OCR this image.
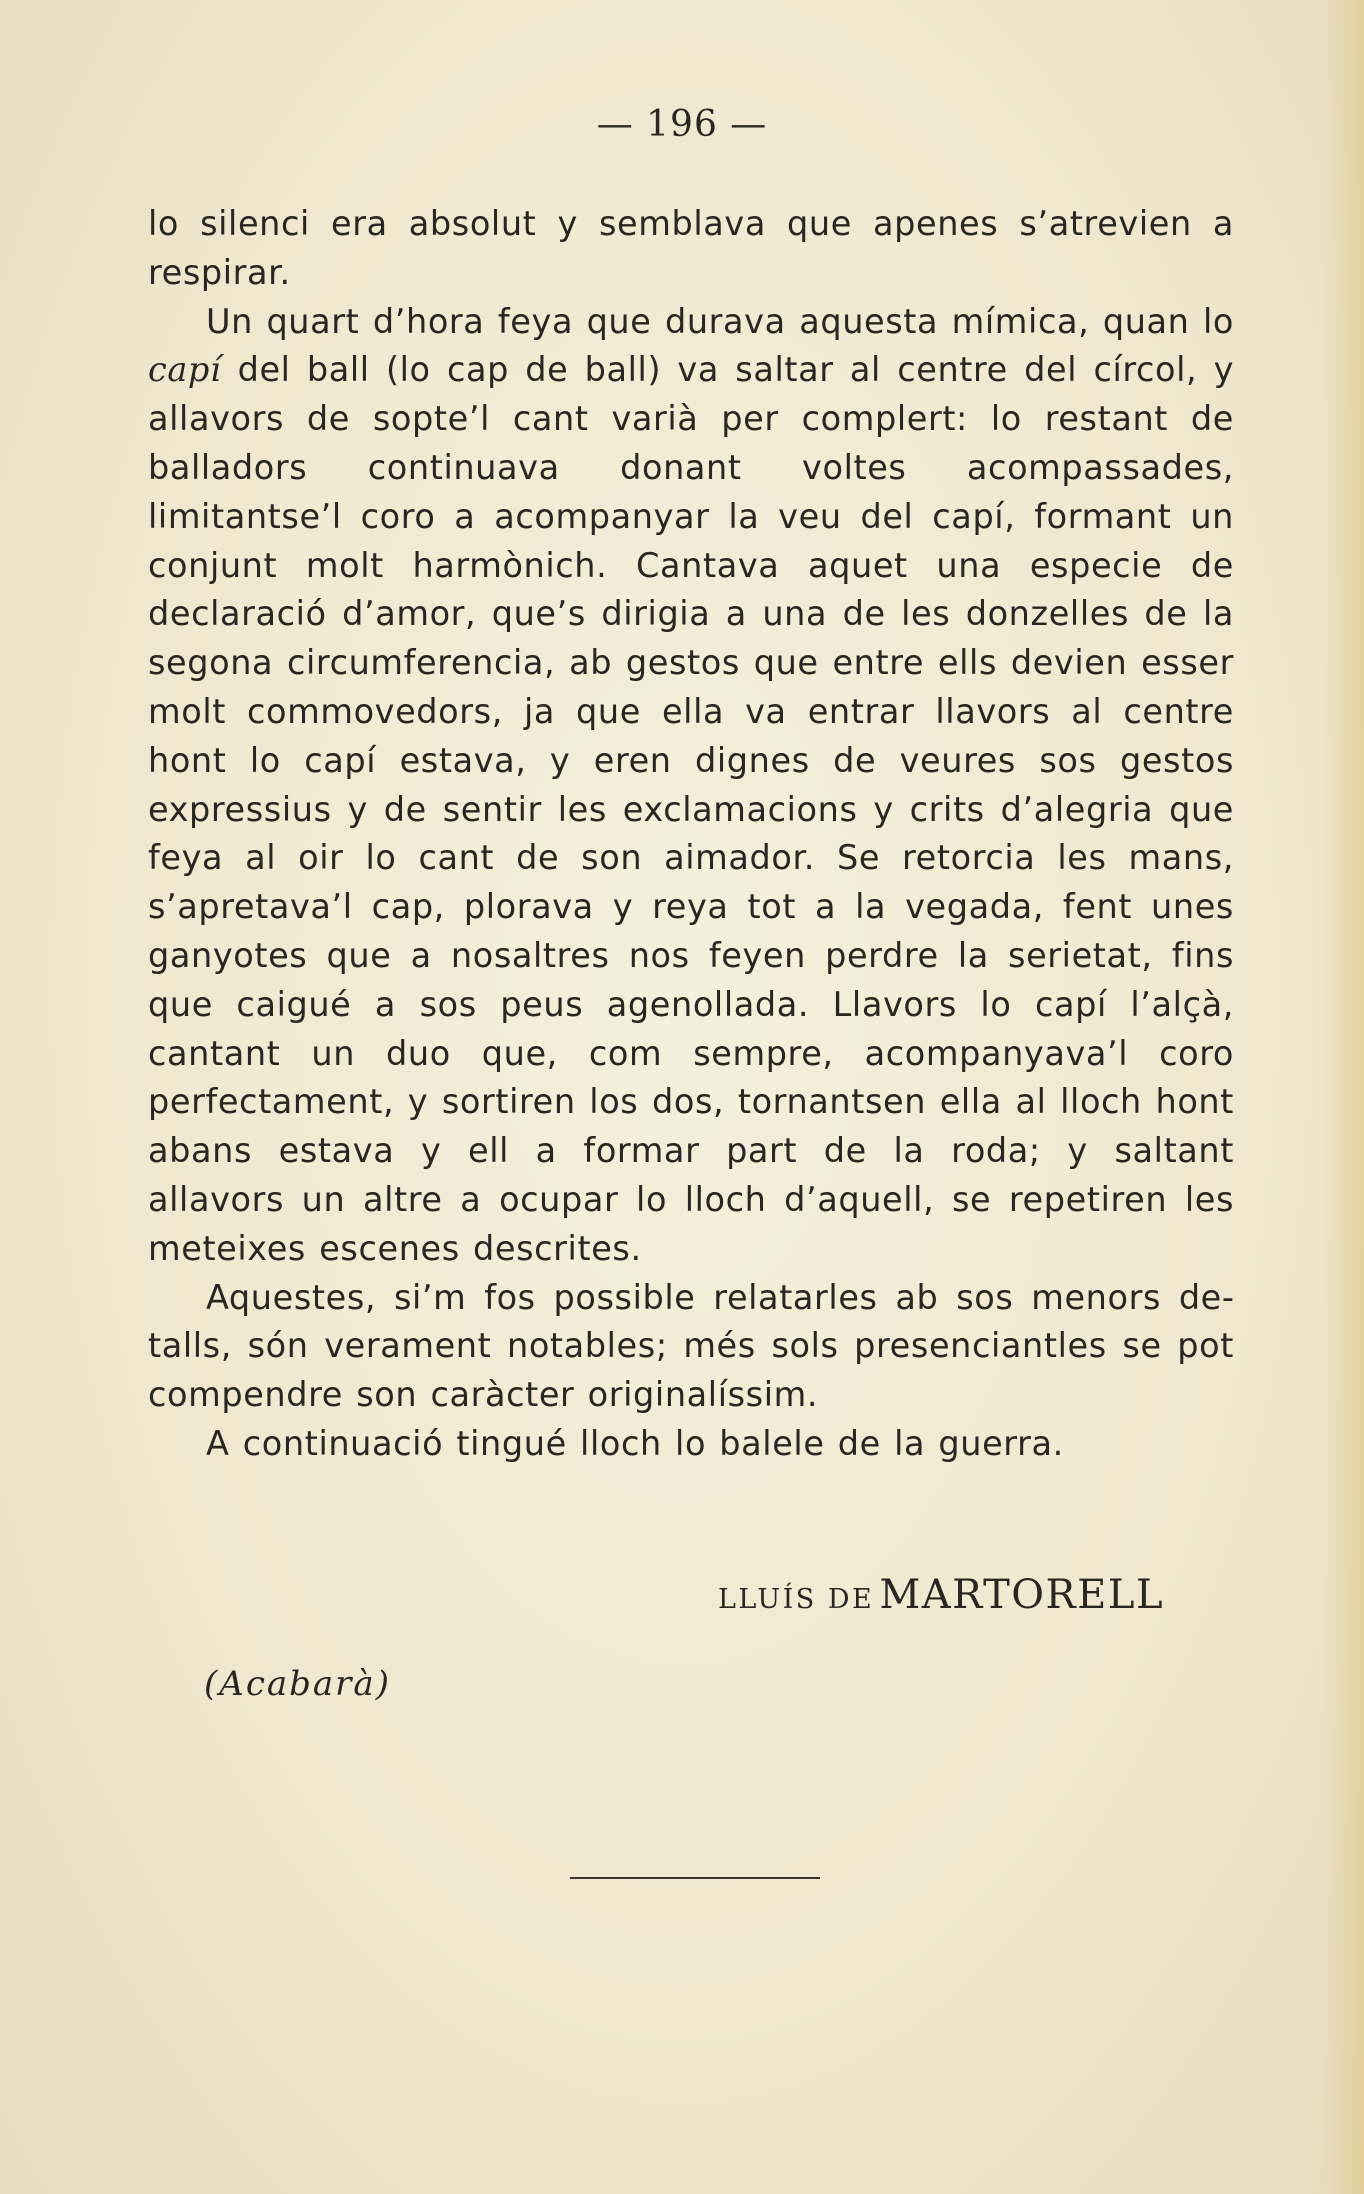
— 196 —

lo silenci era absolut y semblava que apenes s’atrevien a respirar.

Un quart d’hora feya que durava aquesta mímica, quan lo capí del ball (lo cap de ball) va saltar al centre del círcol, y allavors de sopte’l cant varià per complert: lo restant de balladors continuava donant voltes acompassades, limitantse’l coro a acompanyar la veu del capí, formant un conjunt molt harmònich. Cantava aquet una especie de declaració d’amor, que’s dirigia a una de les donzelles de la segona circumferencia, ab gestos que entre ells devien esser molt commovedors, ja que ella va entrar llavors al centre hont lo capí estava, y eren dignes de veures sos gestos expressius y de sentir les exclamacions y crits d’alegria que feya al oir lo cant de son aimador. Se retorcia les mans, s’apretava’l cap, plorava y reya tot a la vegada, fent unes ganyotes que a nosaltres nos feyen perdre la serietat, fins que caigué a sos peus agenollada. Llavors lo capí l’alçà, cantant un duo que, com sempre, acompanyava’l coro perfectament, y sortiren los dos, tornantsen ella al lloch hont abans estava y ell a formar part de la roda; y saltant allavors un altre a ocupar lo lloch d’aquell, se repetiren les meteixes escenes descrites.

Aquestes, si’m fos possible relatarles ab sos menors detalls, són verament notables; més sols presenciantles se pot compendre son caràcter originalíssim.

A continuació tingué lloch lo balele de la guerra.

LLUÍS DE MARTORELL
(Acabarà)
